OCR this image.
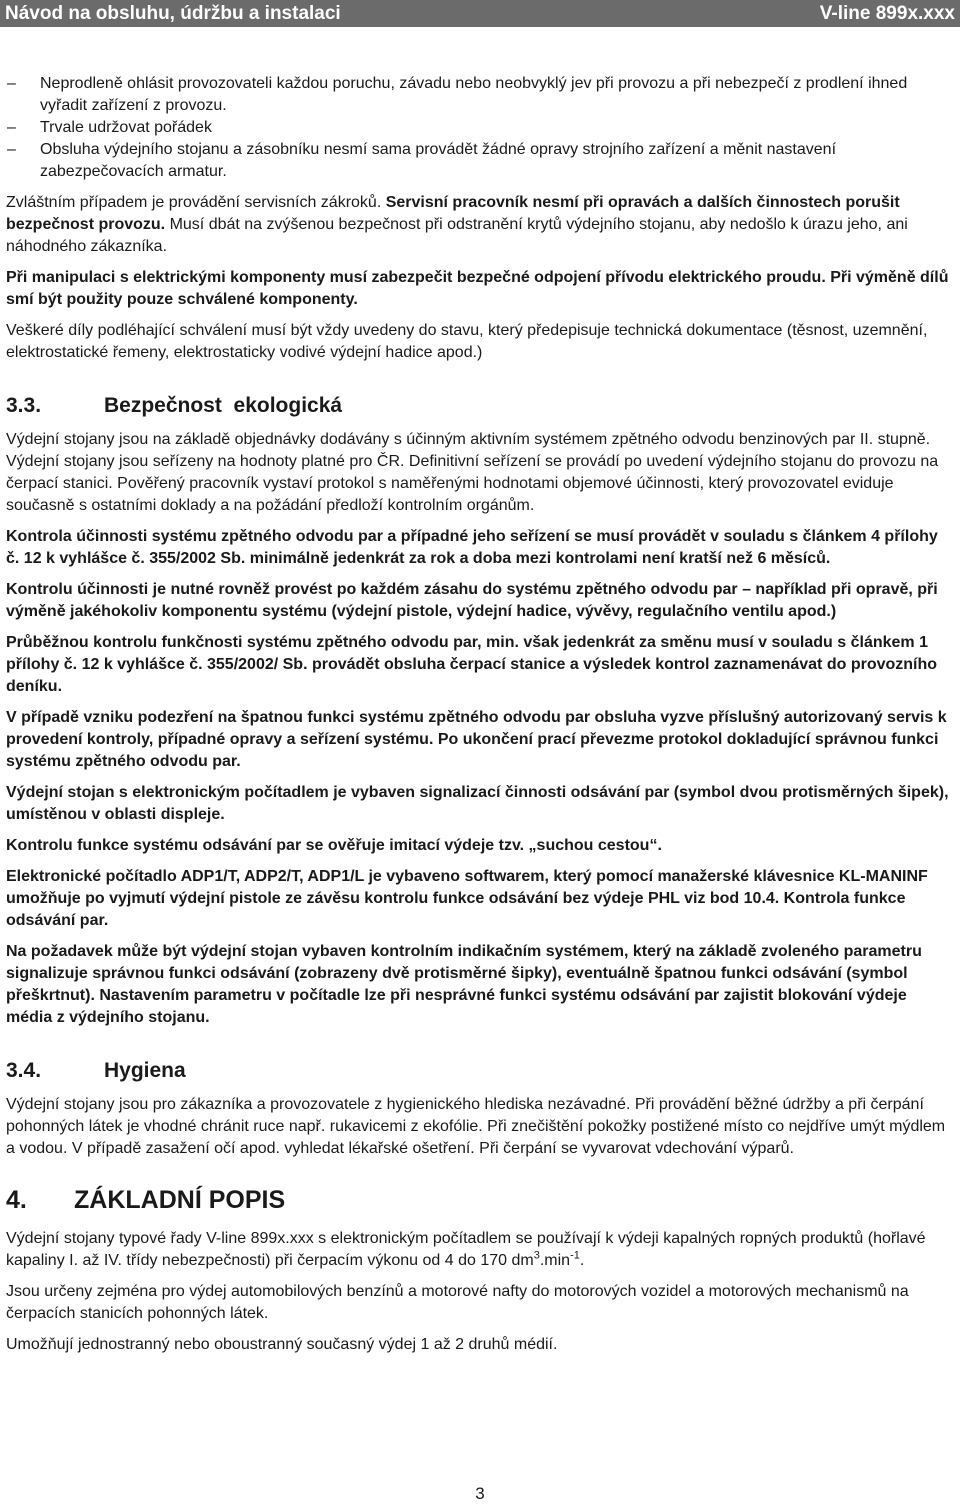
Návod na obsluhu, údržbu a instalaci	V-line 899x.xxx
– Neprodleně ohlásit provozovateli každou poruchu, závadu nebo neobvyklý jev při provozu a při nebezpečí z prodlení ihned vyřadit zařízení z provozu.
– Trvale udržovat pořádek
– Obsluha výdejního stojanu a zásobníku nesmí sama provádět žádné opravy strojního zařízení a měnit nastavení zabezpečovacích armatur.

Zvláštním případem je provádění servisních zákroků. Servisní pracovník nesmí při opravách a dalších činnostech porušit bezpečnost provozu. Musí dbát na zvýšenou bezpečnost při odstranění krytů výdejního stojanu, aby nedošlo k úrazu jeho, ani náhodného zákazníka.

Při manipulaci s elektrickými komponenty musí zabezpečit bezpečné odpojení přívodu elektrického proudu. Při výměně dílů smí být použity pouze schválené komponenty.

Veškeré díly podléhající schválení musí být vždy uvedeny do stavu, který předepisuje technická dokumentace (těsnost, uzemnění, elektrostatické řemeny, elektrostaticky vodivé výdejní hadice apod.)

3.3.	Bezpečnost  ekologická

Výdejní stojany jsou na základě objednávky dodávány s účinným aktivním systémem zpětného odvodu benzinových par II. stupně. Výdejní stojany jsou seřízeny na hodnoty platné pro ČR. Definitivní seřízení se provádí po uvedení výdejního stojanu do provozu na čerpací stanici. Pověřený pracovník vystaví protokol s naměřenými hodnotami objemové účinnosti, který provozovatel eviduje současně s ostatními doklady a na požádání předloží kontrolním orgánům.

Kontrola účinnosti systému zpětného odvodu par a případné jeho seřízení se musí provádět v souladu s článkem 4 přílohy č. 12 k vyhlášce č. 355/2002 Sb. minimálně jedenkrát za rok a doba mezi kontrolami není kratší než 6 měsíců.

Kontrolu účinnosti je nutné rovněž provést po každém zásahu do systému zpětného odvodu par – například při opravě, při výměně jakéhokoliv komponentu systému (výdejní pistole, výdejní hadice, vývěvy, regulačního ventilu apod.)

Průběžnou kontrolu funkčnosti systému zpětného odvodu par, min. však jedenkrát za směnu musí v souladu s článkem 1 přílohy č. 12 k vyhlášce č. 355/2002/ Sb. provádět obsluha čerpací stanice a výsledek kontrol zaznamenávat do provozního deníku.

V případě vzniku podezření na špatnou funkci systému zpětného odvodu par obsluha vyzve příslušný autorizovaný servis k provedení kontroly, případné opravy a seřízení systému. Po ukončení prací převezme protokol dokladující správnou funkci systému zpětného odvodu par.

Výdejní stojan s elektronickým počítadlem je vybaven signalizací činnosti odsávání par (symbol dvou protisměrných šipek), umístěnou v oblasti displeje.

Kontrolu funkce systému odsávání par se ověřuje imitací výdeje tzv. „suchou cestou“.

Elektronické počítadlo ADP1/T, ADP2/T, ADP1/L je vybaveno softwarem, který pomocí manažerské klávesnice KL-MANINF umožňuje po vyjmutí výdejní pistole ze závěsu kontrolu funkce odsávání bez výdeje PHL viz bod 10.4. Kontrola funkce odsávání par.

Na požadavek může být výdejní stojan vybaven kontrolním indikačním systémem, který na základě zvoleného parametru signalizuje správnou funkci odsávání (zobrazeny dvě protisměrné šipky), eventuálně špatnou funkci odsávání (symbol přeškrtnut). Nastavením parametru v počítadle lze při nesprávné funkci systému odsávání par zajistit blokování výdeje média z výdejního stojanu.

3.4.	Hygiena

Výdejní stojany jsou pro zákazníka a provozovatele z hygienického hlediska nezávadné. Při provádění běžné údržby a při čerpání pohonných látek je vhodné chránit ruce např. rukavicemi z ekofólie. Při znečištění pokožky postižené místo co nejdříve umýt mýdlem a vodou. V případě zasažení očí apod. vyhledat lékařské ošetření. Při čerpání se vyvarovat vdechování výparů.

4.	ZÁKLADNÍ POPIS

Výdejní stojany typové řady V-line 899x.xxx s elektronickým počítadlem se používají k výdeji kapalných ropných produktů (hořlavé kapaliny I. až IV. třídy nebezpečnosti) při čerpacím výkonu od 4 do 170 $dm^3.\min^{-1}$.

Jsou určeny zejména pro výdej automobilových benzínů a motorové nafty do motorových vozidel a motorových mechanismů na čerpacích stanicích pohonných látek.

Umožňují jednostranný nebo oboustranný současný výdej 1 až 2 druhů médií.

3
